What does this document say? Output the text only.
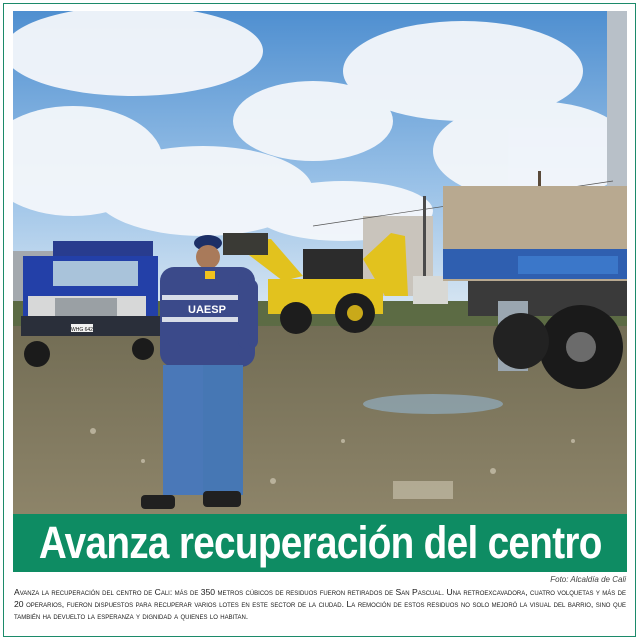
WHG 642
UAESP
Avanza recuperación del centro
Foto: Alcaldía de Cali

Avanza la recuperación del centro de Cali: más de 350 metros cúbicos de residuos fueron retirados de San Pascual. Una retroexcavadora, cuatro volquetas y más de 20 operarios, fueron dispuestos para recuperar varios lotes en este sector de la ciudad. La remoción de estos residuos no solo mejoró la visual del barrio, sino que también ha devuelto la esperanza y dignidad a quienes lo habitan.
